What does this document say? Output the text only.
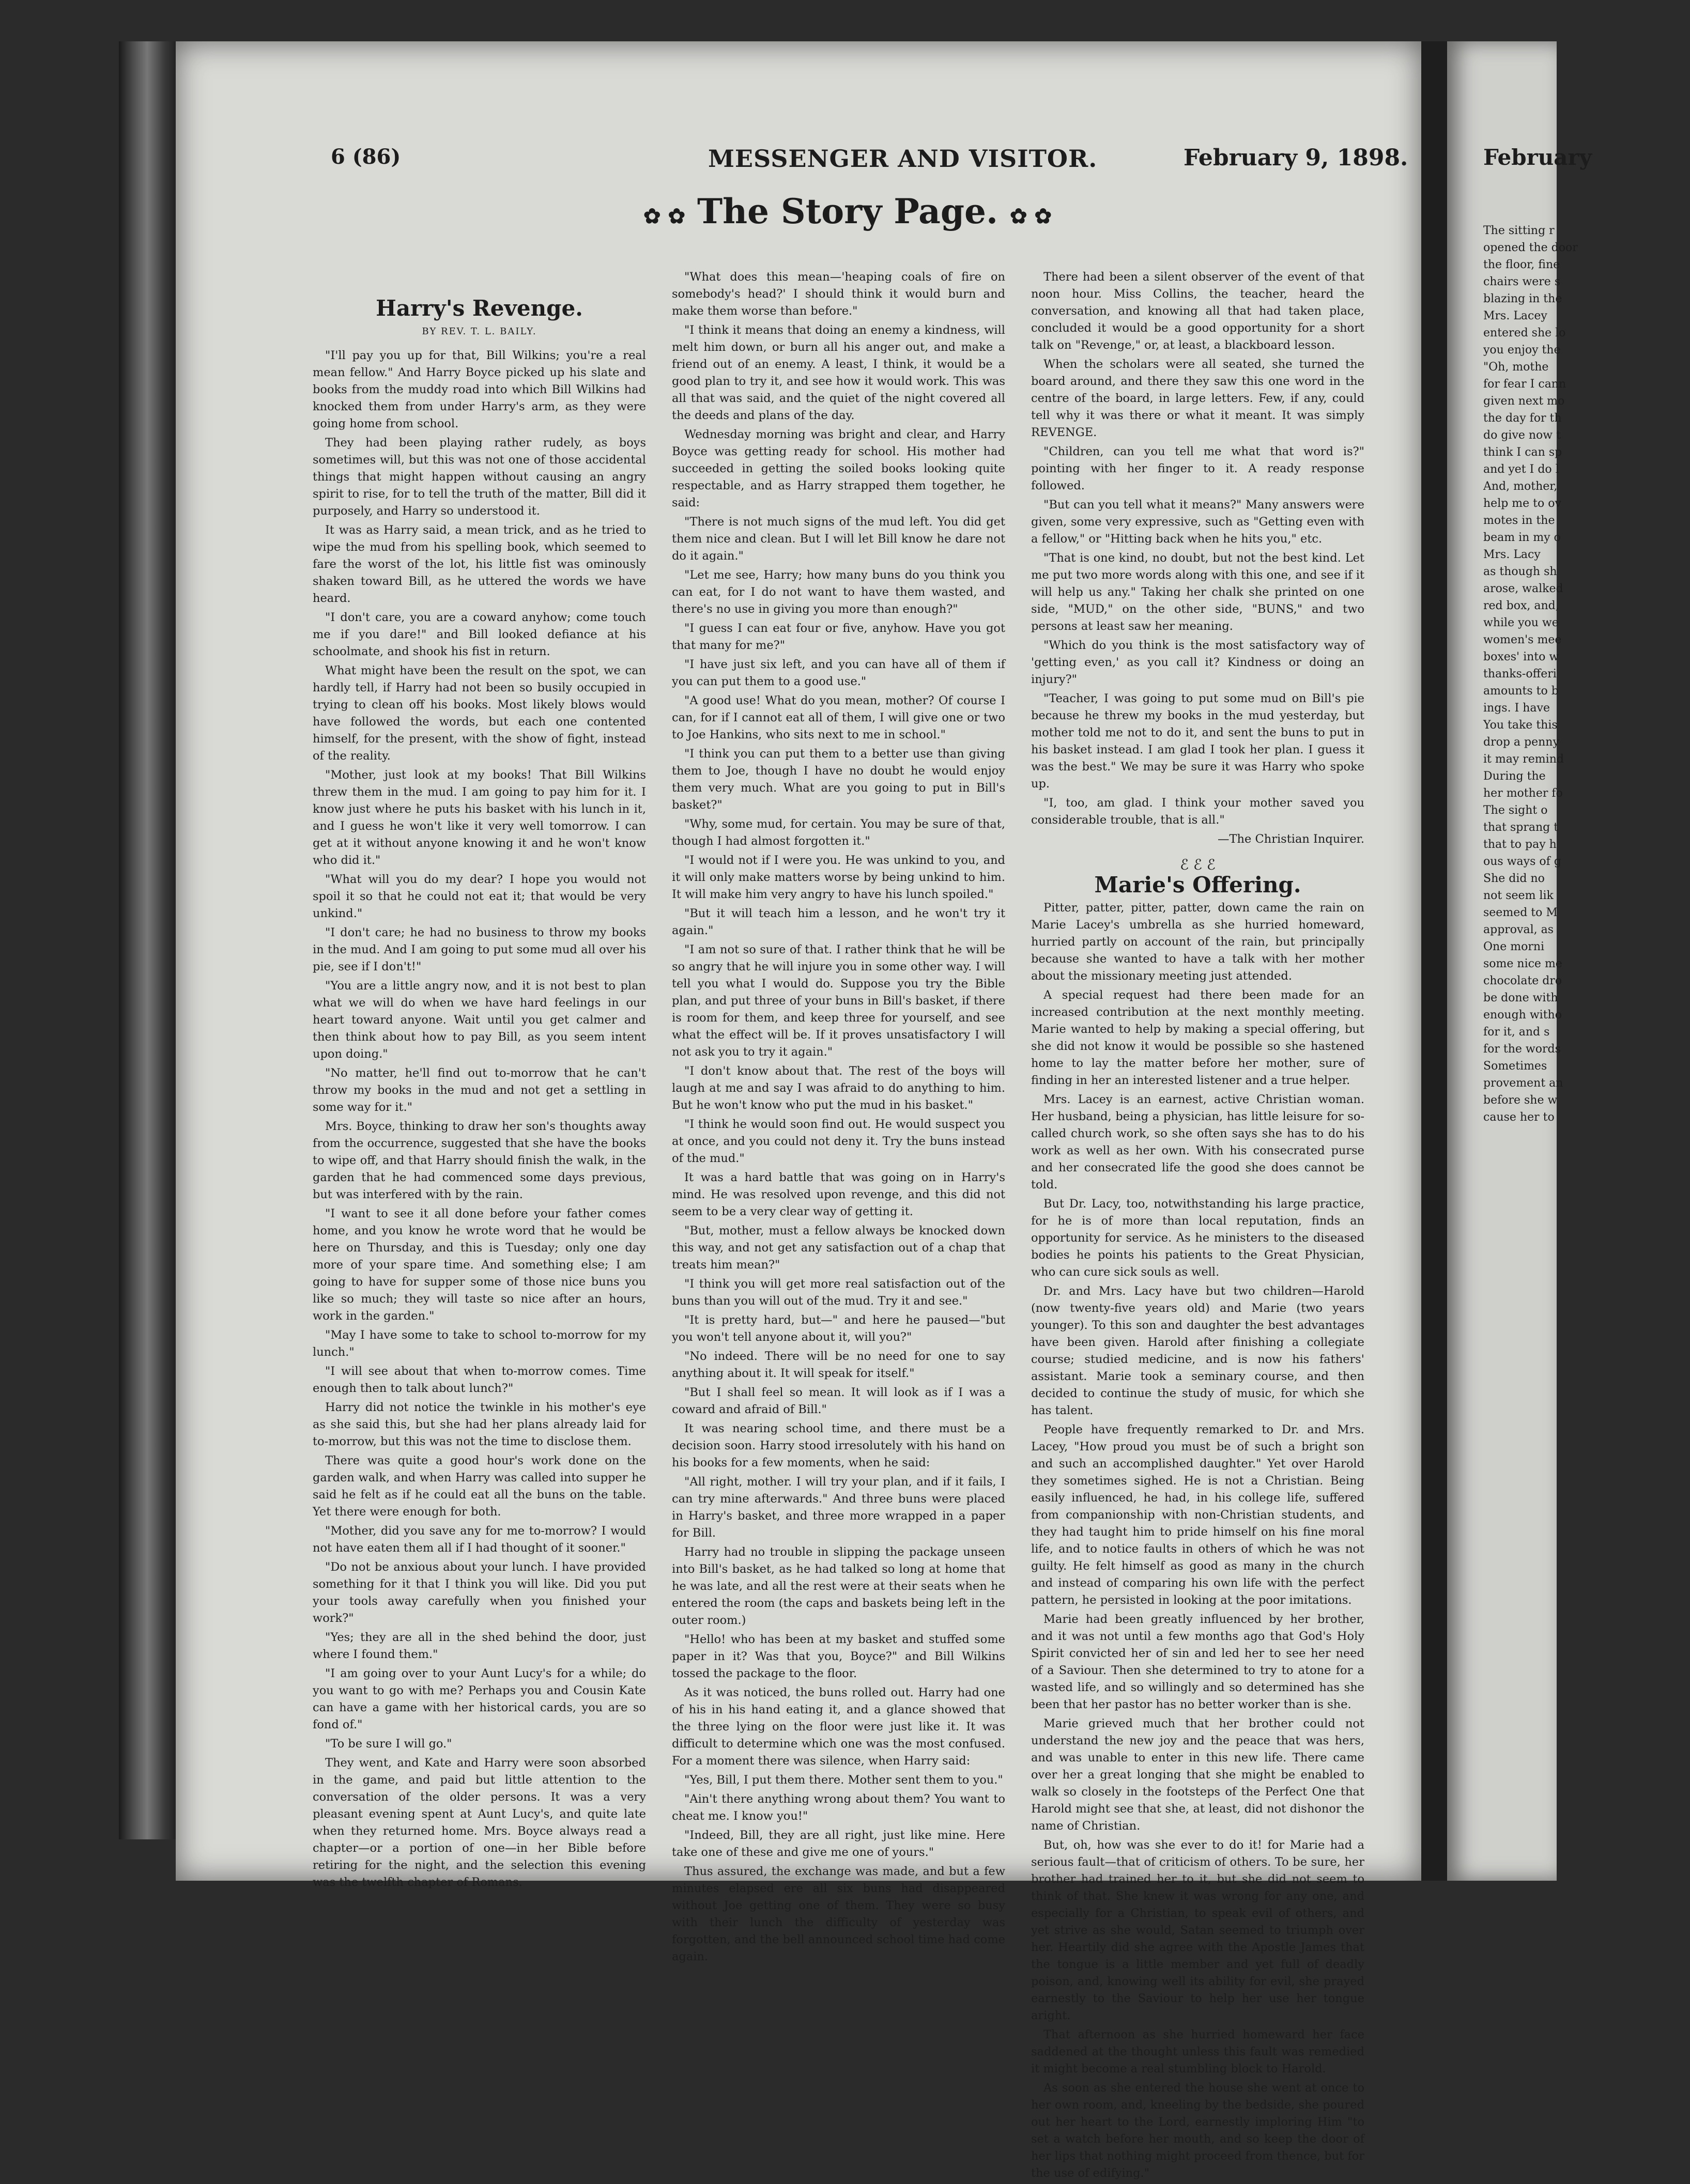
6 (86)	MESSENGER AND VISITOR.	February 9, 1898.
✿ ✿ The Story Page. ✿ ✿
Harry's Revenge.
BY REV. T. L. BAILY.

"I'll pay you up for that, Bill Wilkins; you're a real mean fellow." And Harry Boyce picked up his slate and books from the muddy road into which Bill Wilkins had knocked them from under Harry's arm, as they were going home from school.

They had been playing rather rudely, as boys sometimes will, but this was not one of those accidental things that might happen without causing an angry spirit to rise, for to tell the truth of the matter, Bill did it purposely, and Harry so understood it.

It was as Harry said, a mean trick, and as he tried to wipe the mud from his spelling book, which seemed to fare the worst of the lot, his little fist was ominously shaken toward Bill, as he uttered the words we have heard.

"I don't care, you are a coward anyhow; come touch me if you dare!" and Bill looked defiance at his schoolmate, and shook his fist in return.

What might have been the result on the spot, we can hardly tell, if Harry had not been so busily occupied in trying to clean off his books. Most likely blows would have followed the words, but each one contented himself, for the present, with the show of fight, instead of the reality.

"Mother, just look at my books! That Bill Wilkins threw them in the mud. I am going to pay him for it. I know just where he puts his basket with his lunch in it, and I guess he won't like it very well tomorrow. I can get at it without anyone knowing it and he won't know who did it."

"What will you do my dear? I hope you would not spoil it so that he could not eat it; that would be very unkind."

"I don't care; he had no business to throw my books in the mud. And I am going to put some mud all over his pie, see if I don't!"

"You are a little angry now, and it is not best to plan what we will do when we have hard feelings in our heart toward anyone. Wait until you get calmer and then think about how to pay Bill, as you seem intent upon doing."

"No matter, he'll find out to-morrow that he can't throw my books in the mud and not get a settling in some way for it."

Mrs. Boyce, thinking to draw her son's thoughts away from the occurrence, suggested that she have the books to wipe off, and that Harry should finish the walk, in the garden that he had commenced some days previous, but was interfered with by the rain.

"I want to see it all done before your father comes home, and you know he wrote word that he would be here on Thursday, and this is Tuesday; only one day more of your spare time. And something else; I am going to have for supper some of those nice buns you like so much; they will taste so nice after an hours, work in the garden."

"May I have some to take to school to-morrow for my lunch."

"I will see about that when to-morrow comes. Time enough then to talk about lunch?"

Harry did not notice the twinkle in his mother's eye as she said this, but she had her plans already laid for to-morrow, but this was not the time to disclose them.

There was quite a good hour's work done on the garden walk, and when Harry was called into supper he said he felt as if he could eat all the buns on the table. Yet there were enough for both.

"Mother, did you save any for me to-morrow? I would not have eaten them all if I had thought of it sooner."

"Do not be anxious about your lunch. I have provided something for it that I think you will like. Did you put your tools away carefully when you finished your work?"

"Yes; they are all in the shed behind the door, just where I found them."

"I am going over to your Aunt Lucy's for a while; do you want to go with me? Perhaps you and Cousin Kate can have a game with her historical cards, you are so fond of."

"To be sure I will go."

They went, and Kate and Harry were soon absorbed in the game, and paid but little attention to the conversation of the older persons. It was a very pleasant evening spent at Aunt Lucy's, and quite late when they returned home. Mrs. Boyce always read a chapter—or a portion of one—in her Bible before retiring for the night, and the selection this evening was the twelfth chapter of Romans.

"What does this mean—'heaping coals of fire on somebody's head?' I should think it would burn and make them worse than before."

"I think it means that doing an enemy a kindness, will melt him down, or burn all his anger out, and make a friend out of an enemy. A least, I think, it would be a good plan to try it, and see how it would work. This was all that was said, and the quiet of the night covered all the deeds and plans of the day.

Wednesday morning was bright and clear, and Harry Boyce was getting ready for school. His mother had succeeded in getting the soiled books looking quite respectable, and as Harry strapped them together, he said:

"There is not much signs of the mud left. You did get them nice and clean. But I will let Bill know he dare not do it again."

"Let me see, Harry; how many buns do you think you can eat, for I do not want to have them wasted, and there's no use in giving you more than enough?"

"I guess I can eat four or five, anyhow. Have you got that many for me?"

"I have just six left, and you can have all of them if you can put them to a good use."

"A good use! What do you mean, mother? Of course I can, for if I cannot eat all of them, I will give one or two to Joe Hankins, who sits next to me in school."

"I think you can put them to a better use than giving them to Joe, though I have no doubt he would enjoy them very much. What are you going to put in Bill's basket?"

"Why, some mud, for certain. You may be sure of that, though I had almost forgotten it."

"I would not if I were you. He was unkind to you, and it will only make matters worse by being unkind to him. It will make him very angry to have his lunch spoiled."

"But it will teach him a lesson, and he won't try it again."

"I am not so sure of that. I rather think that he will be so angry that he will injure you in some other way. I will tell you what I would do. Suppose you try the Bible plan, and put three of your buns in Bill's basket, if there is room for them, and keep three for yourself, and see what the effect will be. If it proves unsatisfactory I will not ask you to try it again."

"I don't know about that. The rest of the boys will laugh at me and say I was afraid to do anything to him. But he won't know who put the mud in his basket."

"I think he would soon find out. He would suspect you at once, and you could not deny it. Try the buns instead of the mud."

It was a hard battle that was going on in Harry's mind. He was resolved upon revenge, and this did not seem to be a very clear way of getting it.

"But, mother, must a fellow always be knocked down this way, and not get any satisfaction out of a chap that treats him mean?"

"I think you will get more real satisfaction out of the buns than you will out of the mud. Try it and see."

"It is pretty hard, but—" and here he paused—"but you won't tell anyone about it, will you?"

"No indeed. There will be no need for one to say anything about it. It will speak for itself."

"But I shall feel so mean. It will look as if I was a coward and afraid of Bill."

It was nearing school time, and there must be a decision soon. Harry stood irresolutely with his hand on his books for a few moments, when he said:

"All right, mother. I will try your plan, and if it fails, I can try mine afterwards." And three buns were placed in Harry's basket, and three more wrapped in a paper for Bill.

Harry had no trouble in slipping the package unseen into Bill's basket, as he had talked so long at home that he was late, and all the rest were at their seats when he entered the room (the caps and baskets being left in the outer room.)

"Hello! who has been at my basket and stuffed some paper in it? Was that you, Boyce?" and Bill Wilkins tossed the package to the floor.

As it was noticed, the buns rolled out. Harry had one of his in his hand eating it, and a glance showed that the three lying on the floor were just like it. It was difficult to determine which one was the most confused. For a moment there was silence, when Harry said:

"Yes, Bill, I put them there. Mother sent them to you."

"Ain't there anything wrong about them? You want to cheat me. I know you!"

"Indeed, Bill, they are all right, just like mine. Here take one of these and give me one of yours."

Thus assured, the exchange was made, and but a few minutes elapsed ere all six buns had disappeared without Joe getting one of them. They were so busy with their lunch the difficulty of yesterday was forgotten, and the bell announced school time had come again.

There had been a silent observer of the event of that noon hour. Miss Collins, the teacher, heard the conversation, and knowing all that had taken place, concluded it would be a good opportunity for a short talk on "Revenge," or, at least, a blackboard lesson.

When the scholars were all seated, she turned the board around, and there they saw this one word in the centre of the board, in large letters. Few, if any, could tell why it was there or what it meant. It was simply REVENGE.

"Children, can you tell me what that word is?" pointing with her finger to it. A ready response followed.

"But can you tell what it means?" Many answers were given, some very expressive, such as "Getting even with a fellow," or "Hitting back when he hits you," etc.

"That is one kind, no doubt, but not the best kind. Let me put two more words along with this one, and see if it will help us any." Taking her chalk she printed on one side, "MUD," on the other side, "BUNS," and two persons at least saw her meaning.

"Which do you think is the most satisfactory way of 'getting even,' as you call it? Kindness or doing an injury?"

"Teacher, I was going to put some mud on Bill's pie because he threw my books in the mud yesterday, but mother told me not to do it, and sent the buns to put in his basket instead. I am glad I took her plan. I guess it was the best." We may be sure it was Harry who spoke up.

"I, too, am glad. I think your mother saved you considerable trouble, that is all."

—The Christian Inquirer.
ℰ ℰ ℰ
Marie's Offering.

Pitter, patter, pitter, patter, down came the rain on Marie Lacey's umbrella as she hurried homeward, hurried partly on account of the rain, but principally because she wanted to have a talk with her mother about the missionary meeting just attended.

A special request had there been made for an increased contribution at the next monthly meeting. Marie wanted to help by making a special offering, but she did not know it would be possible so she hastened home to lay the matter before her mother, sure of finding in her an interested listener and a true helper.

Mrs. Lacey is an earnest, active Christian woman. Her husband, being a physician, has little leisure for so-called church work, so she often says she has to do his work as well as her own. With his consecrated purse and her consecrated life the good she does cannot be told.

But Dr. Lacy, too, notwithstanding his large practice, for he is of more than local reputation, finds an opportunity for service. As he ministers to the diseased bodies he points his patients to the Great Physician, who can cure sick souls as well.

Dr. and Mrs. Lacy have but two children—Harold (now twenty-five years old) and Marie (two years younger). To this son and daughter the best advantages have been given. Harold after finishing a collegiate course; studied medicine, and is now his fathers' assistant. Marie took a seminary course, and then decided to continue the study of music, for which she has talent.

People have frequently remarked to Dr. and Mrs. Lacey, "How proud you must be of such a bright son and such an accomplished daughter." Yet over Harold they sometimes sighed. He is not a Christian. Being easily influenced, he had, in his college life, suffered from companionship with non-Christian students, and they had taught him to pride himself on his fine moral life, and to notice faults in others of which he was not guilty. He felt himself as good as many in the church and instead of comparing his own life with the perfect pattern, he persisted in looking at the poor imitations.

Marie had been greatly influenced by her brother, and it was not until a few months ago that God's Holy Spirit convicted her of sin and led her to see her need of a Saviour. Then she determined to try to atone for a wasted life, and so willingly and so determined has she been that her pastor has no better worker than is she.

Marie grieved much that her brother could not understand the new joy and the peace that was hers, and was unable to enter in this new life. There came over her a great longing that she might be enabled to walk so closely in the footsteps of the Perfect One that Harold might see that she, at least, did not dishonor the name of Christian.

But, oh, how was she ever to do it! for Marie had a serious fault—that of criticism of others. To be sure, her brother had trained her to it, but she did not seem to think of that. She knew it was wrong for any one, and especially for a Christian, to speak evil of others, and yet strive as she would, Satan seemed to triumph over her. Heartily did she agree with the Apostle James that the tongue is a little member and yet full of deadly poison, and, knowing well its ability for evil, she prayed earnestly to the Saviour to help her use her tongue aright.

That afternoon as she hurried homeward her face saddened at the thought unless this fault was remedied it might become a real stumbling block to Harold.

As soon as she entered the house she went at once to her own room, and, kneeling by the bedside, she poured out her heart to the Lord, earnestly imploring Him "to set a watch before her mouth, and so keep the door of her lips that nothing might proceed from thence, but for the use of edifying."

February
The sitting r
opened the door
the floor, fine
chairs were s
blazing in the
Mrs. Lacey
entered she lo
you enjoy the
"Oh, mothe
for fear I cann
given next mo
the day for th
do give now t
think I can sp
and yet I do l
And, mother,
help me to ov
motes in the
beam in my o
Mrs. Lacy
as though sh
arose, walked
red box, and,
while you we
women's mee
boxes' into w
thanks-offeri
amounts to b
ings. I have
You take this
drop a penny
it may remind
During the
her mother fo
The sight o
that sprang t
that to pay h
ous ways of g
She did no
not seem lik
seemed to M
approval, as
One morni
some nice me
chocolate dro
be done with
enough witho
for it, and s
for the words
Sometimes
provement an
before she w
cause her to
